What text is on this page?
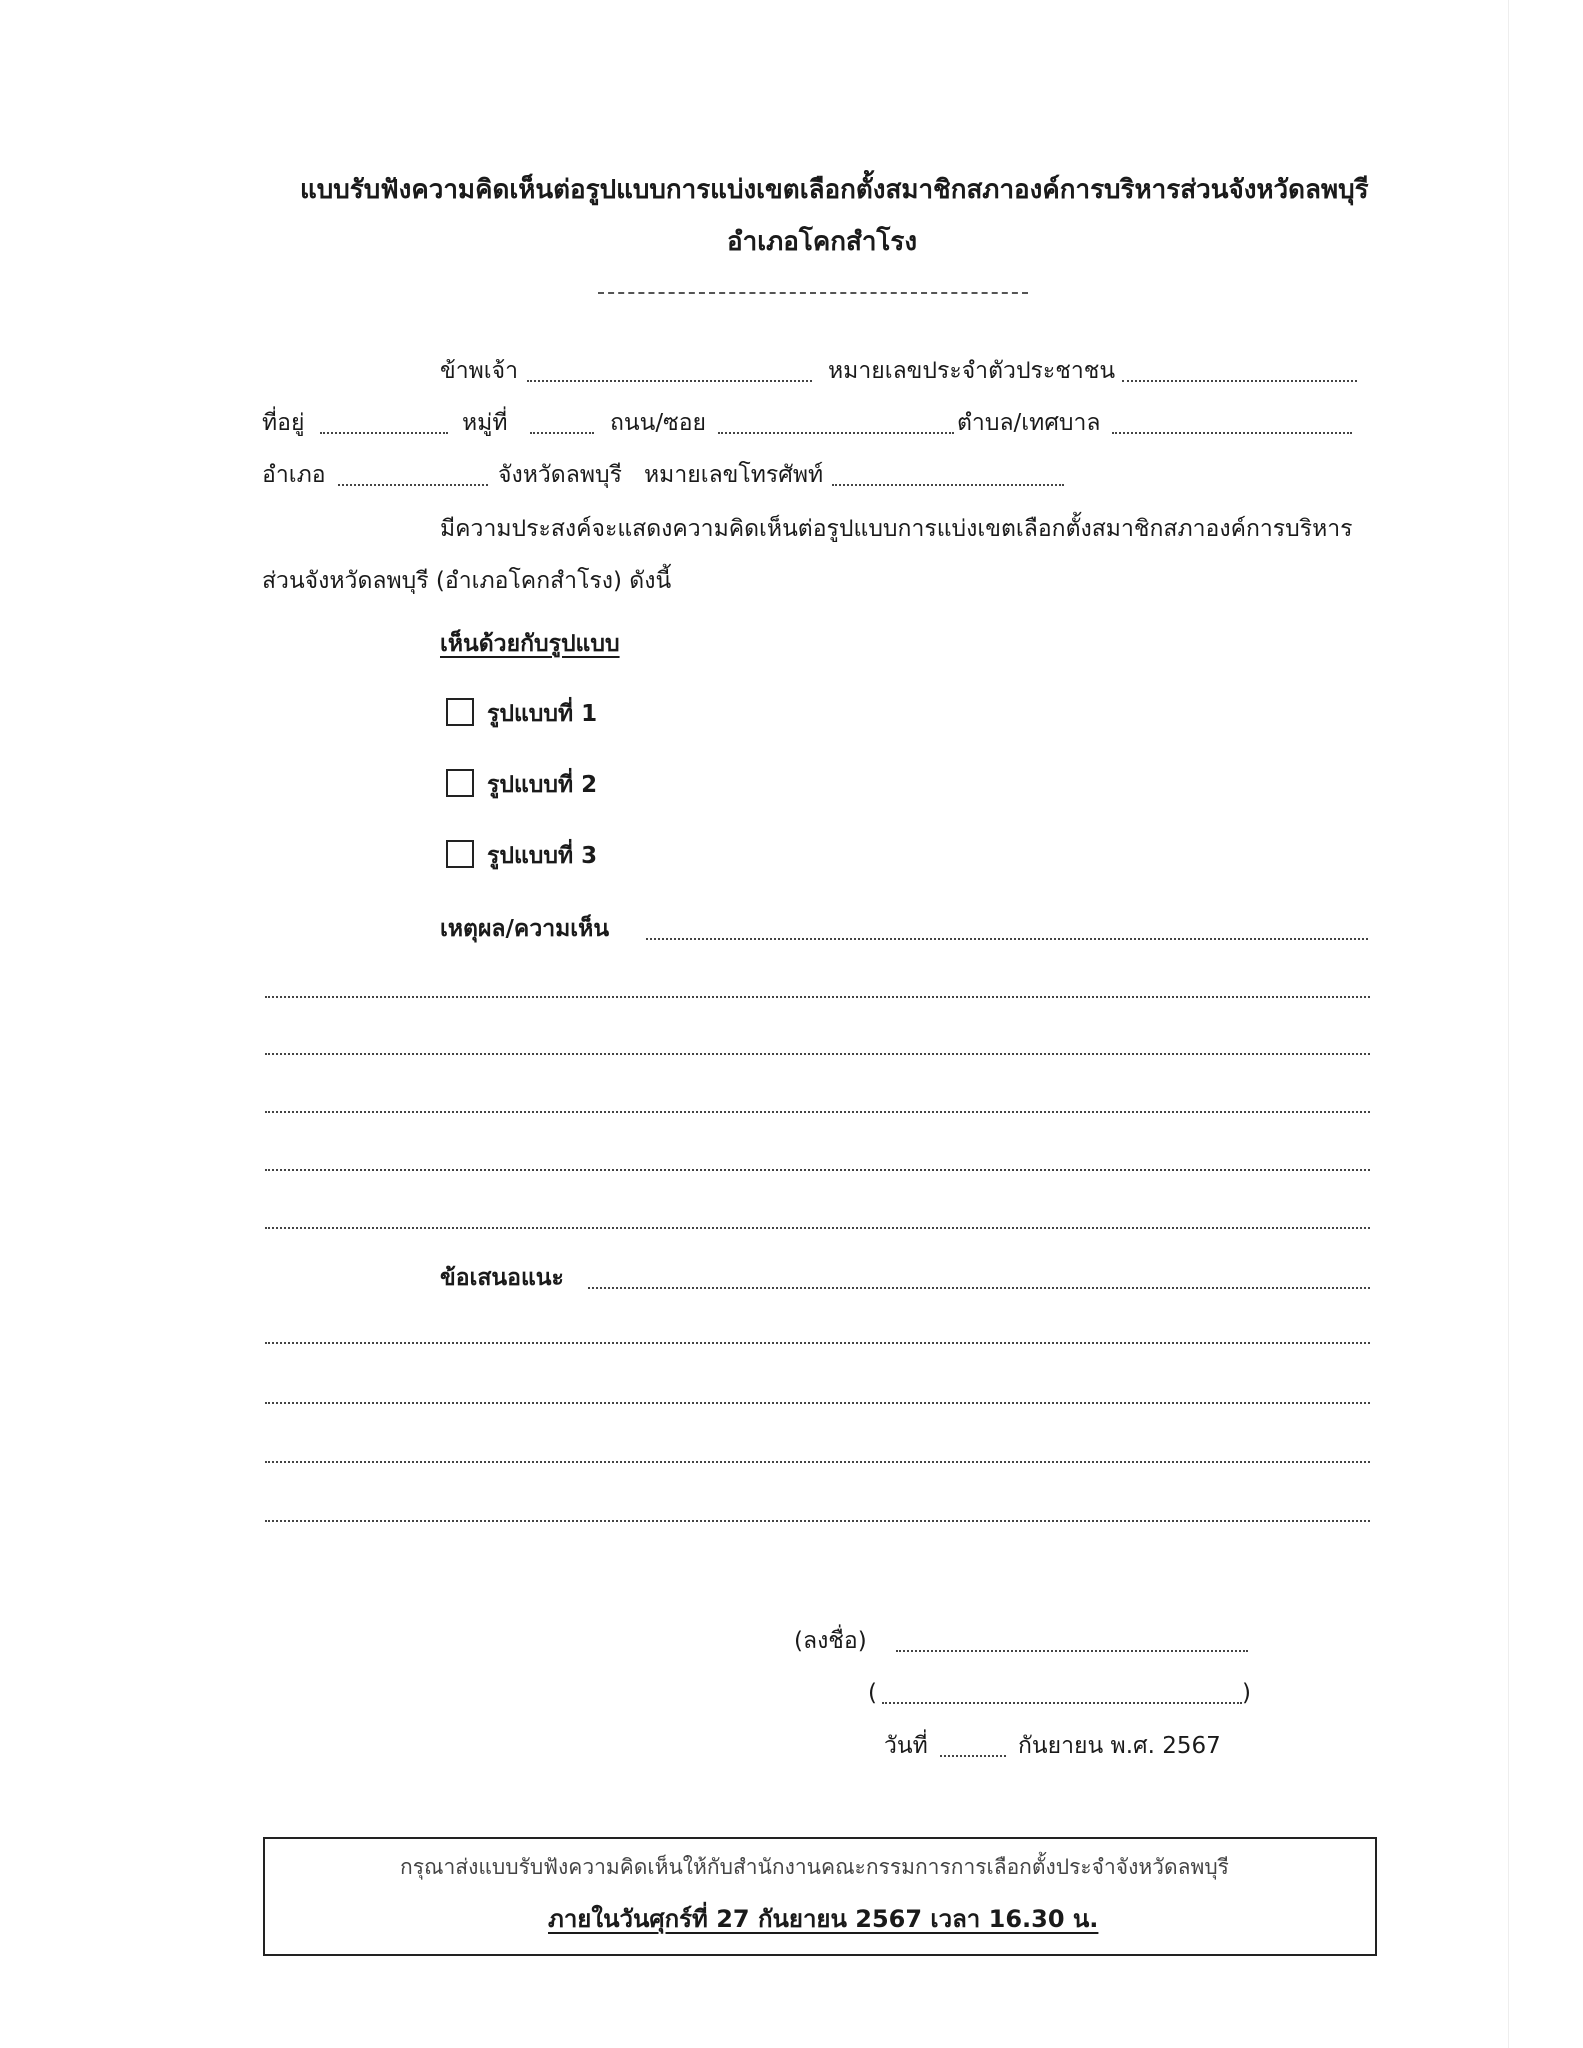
แบบรับฟังความคิดเห็นต่อรูปแบบการแบ่งเขตเลือกตั้งสมาชิกสภาองค์การบริหารส่วนจังหวัดลพบุรี
อำเภอโคกสำโรง
ข้าพเจ้า	หมายเลขประจำตัวประชาชน
ที่อยู่	หมู่ที่	ถนน/ซอย	ตำบล/เทศบาล
อำเภอ	จังหวัดลพบุรี หมายเลขโทรศัพท์
มีความประสงค์จะแสดงความคิดเห็นต่อรูปแบบการแบ่งเขตเลือกตั้งสมาชิกสภาองค์การบริหาร
ส่วนจังหวัดลพบุรี (อำเภอโคกสำโรง) ดังนี้
เห็นด้วยกับรูปแบบ
รูปแบบที่ 1
รูปแบบที่ 2
รูปแบบที่ 3
เหตุผล/ความเห็น
ข้อเสนอแนะ
(ลงชื่อ)
(	)
วันที่	กันยายน พ.ศ. 2567
กรุณาส่งแบบรับฟังความคิดเห็นให้กับสำนักงานคณะกรรมการการเลือกตั้งประจำจังหวัดลพบุรี
ภายในวันศุกร์ที่ 27 กันยายน 2567 เวลา 16.30 น.
